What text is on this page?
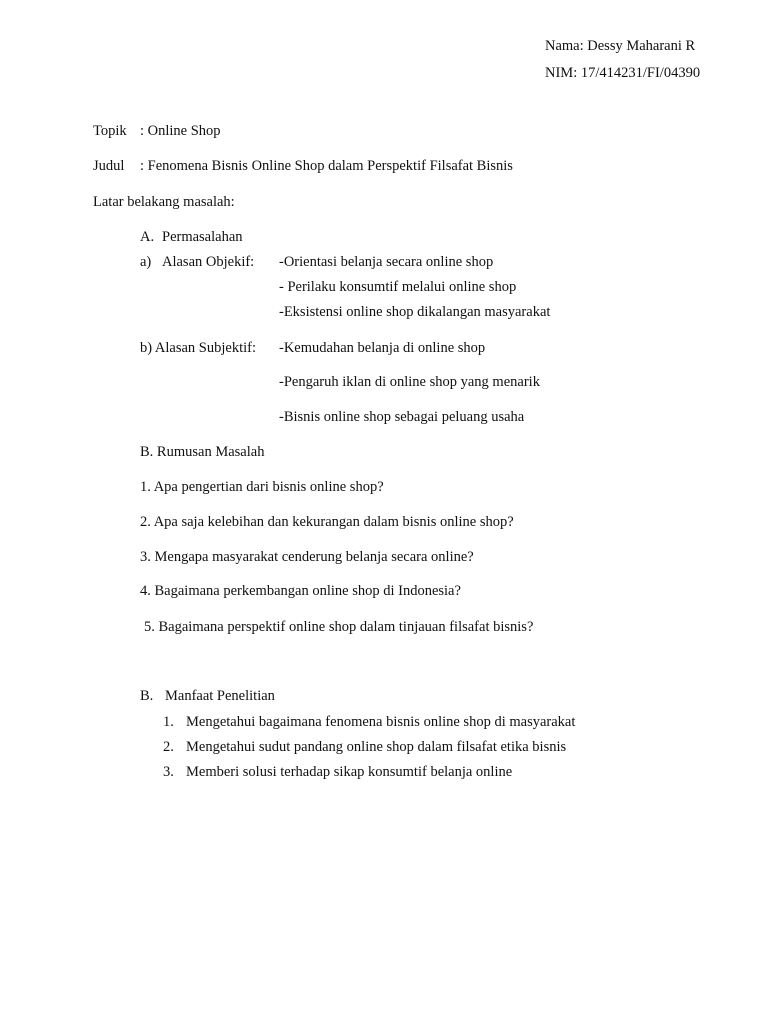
Nama: Dessy Maharani R
NIM: 17/414231/FI/04390
Topik : Online Shop
Judul : Fenomena Bisnis Online Shop dalam Perspektif Filsafat Bisnis
Latar belakang masalah:
A. Permasalahan
a) Alasan Objekif: -Orientasi belanja secara online shop
- Perilaku konsumtif melalui online shop
-Eksistensi online shop dikalangan masyarakat
b) Alasan Subjektif: -Kemudahan belanja di online shop
-Pengaruh iklan di online shop yang menarik
-Bisnis online shop sebagai peluang usaha
B. Rumusan Masalah
1. Apa pengertian dari bisnis online shop?
2. Apa saja kelebihan dan kekurangan dalam bisnis online shop?
3. Mengapa masyarakat cenderung belanja secara online?
4. Bagaimana perkembangan online shop di Indonesia?
5. Bagaimana perspektif online shop dalam tinjauan filsafat bisnis?
B. Manfaat Penelitian
1. Mengetahui bagaimana fenomena bisnis online shop di masyarakat
2. Mengetahui sudut pandang online shop dalam filsafat etika bisnis
3. Memberi solusi terhadap sikap konsumtif belanja online
